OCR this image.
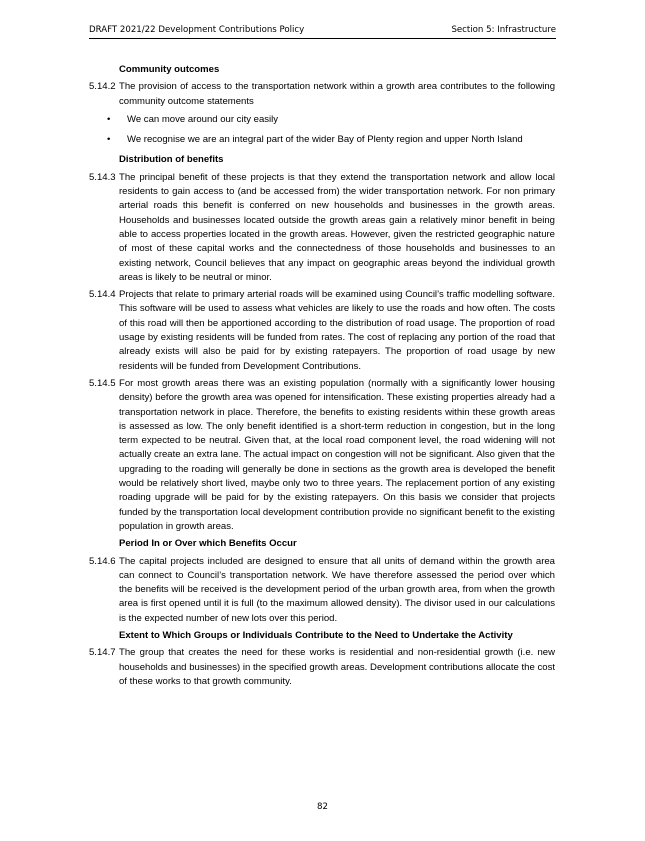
DRAFT 2021/22 Development Contributions Policy	Section 5: Infrastructure
Community outcomes
5.14.2 The provision of access to the transportation network within a growth area contributes to the following community outcome statements
•	We can move around our city easily
•	We recognise we are an integral part of the wider Bay of Plenty region and upper North Island
Distribution of benefits
5.14.3 The principal benefit of these projects is that they extend the transportation network and allow local residents to gain access to (and be accessed from) the wider transportation network. For non primary arterial roads this benefit is conferred on new households and businesses in the growth areas. Households and businesses located outside the growth areas gain a relatively minor benefit in being able to access properties located in the growth areas. However, given the restricted geographic nature of most of these capital works and the connectedness of those households and businesses to an existing network, Council believes that any impact on geographic areas beyond the individual growth areas is likely to be neutral or minor.
5.14.4 Projects that relate to primary arterial roads will be examined using Council’s traffic modelling software. This software will be used to assess what vehicles are likely to use the roads and how often. The costs of this road will then be apportioned according to the distribution of road usage. The proportion of road usage by existing residents will be funded from rates. The cost of replacing any portion of the road that already exists will also be paid for by existing ratepayers. The proportion of road usage by new residents will be funded from Development Contributions.
5.14.5 For most growth areas there was an existing population (normally with a significantly lower housing density) before the growth area was opened for intensification. These existing properties already had a transportation network in place. Therefore, the benefits to existing residents within these growth areas is assessed as low. The only benefit identified is a short-term reduction in congestion, but in the long term expected to be neutral. Given that, at the local road component level, the road widening will not actually create an extra lane. The actual impact on congestion will not be significant. Also given that the upgrading to the roading will generally be done in sections as the growth area is developed the benefit would be relatively short lived, maybe only two to three years. The replacement portion of any existing roading upgrade will be paid for by the existing ratepayers. On this basis we consider that projects funded by the transportation local development contribution provide no significant benefit to the existing population in growth areas.
Period In or Over which Benefits Occur
5.14.6 The capital projects included are designed to ensure that all units of demand within the growth area can connect to Council’s transportation network. We have therefore assessed the period over which the benefits will be received is the development period of the urban growth area, from when the growth area is first opened until it is full (to the maximum allowed density). The divisor used in our calculations is the expected number of new lots over this period.
Extent to Which Groups or Individuals Contribute to the Need to Undertake the Activity
5.14.7 The group that creates the need for these works is residential and non-residential growth (i.e. new households and businesses) in the specified growth areas. Development contributions allocate the cost of these works to that growth community.
82
